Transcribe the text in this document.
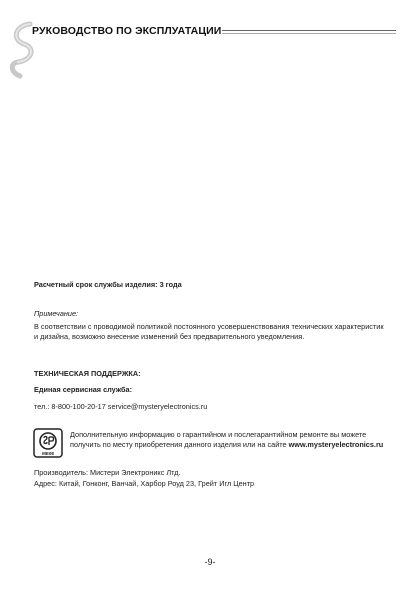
РУКОВОДСТВО ПО ЭКСПЛУАТАЦИИ
Расчетный срок службы изделия: 3 года
Примечание:
В соответствии с проводимой политикой постоянного усовершенствования технических характеристик и дизайна, возможно внесение изменений без предварительного уведомления.
ТЕХНИЧЕСКАЯ ПОДДЕРЖКА:
Единая сервисная служба:
тел.: 8-800-100-20-17 service@mysteryelectronics.ru
МЕ08
Дополнительную информацию о гарантийном и послегарантийном ремонте вы можете получить по месту приобретения данного изделия или на сайте www.mysteryelectronics.ru
Производитель: Мистери Электроникс Лтд.
Адрес: Китай, Гонконг, Ванчай, Харбор Роуд 23, Грейт Игл Центр
-9-
